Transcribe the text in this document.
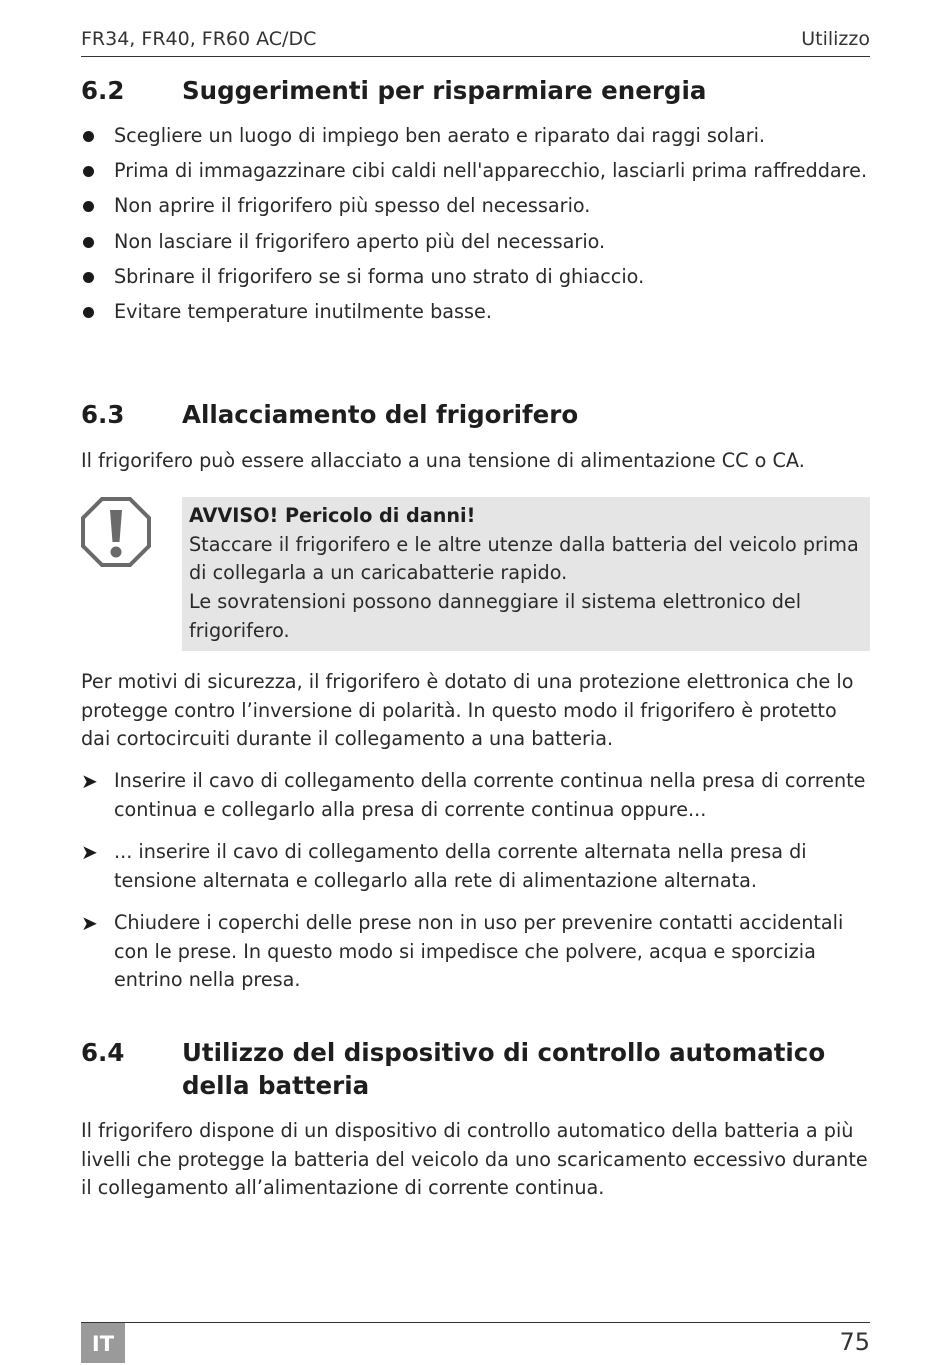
FR34, FR40, FR60 AC/DC	Utilizzo
6.2 Suggerimenti per risparmiare energia
Scegliere un luogo di impiego ben aerato e riparato dai raggi solari.
Prima di immagazzinare cibi caldi nell'apparecchio, lasciarli prima raffreddare.
Non aprire il frigorifero più spesso del necessario.
Non lasciare il frigorifero aperto più del necessario.
Sbrinare il frigorifero se si forma uno strato di ghiaccio.
Evitare temperature inutilmente basse.
6.3 Allacciamento del frigorifero
Il frigorifero può essere allacciato a una tensione di alimentazione CC o CA.
AVVISO! Pericolo di danni!
Staccare il frigorifero e le altre utenze dalla batteria del veicolo prima di collegarla a un caricabatterie rapido.
Le sovratensioni possono danneggiare il sistema elettronico del frigorifero.
Per motivi di sicurezza, il frigorifero è dotato di una protezione elettronica che lo protegge contro l’inversione di polarità. In questo modo il frigorifero è protetto dai cortocircuiti durante il collegamento a una batteria.
➤ Inserire il cavo di collegamento della corrente continua nella presa di corrente continua e collegarlo alla presa di corrente continua oppure...
➤ ... inserire il cavo di collegamento della corrente alternata nella presa di tensione alternata e collegarlo alla rete di alimentazione alternata.
➤ Chiudere i coperchi delle prese non in uso per prevenire contatti accidentali con le prese. In questo modo si impedisce che polvere, acqua e sporcizia entrino nella presa.
6.4 Utilizzo del dispositivo di controllo automatico della batteria
Il frigorifero dispone di un dispositivo di controllo automatico della batteria a più livelli che protegge la batteria del veicolo da uno scaricamento eccessivo durante il collegamento all’alimentazione di corrente continua.
IT	75
